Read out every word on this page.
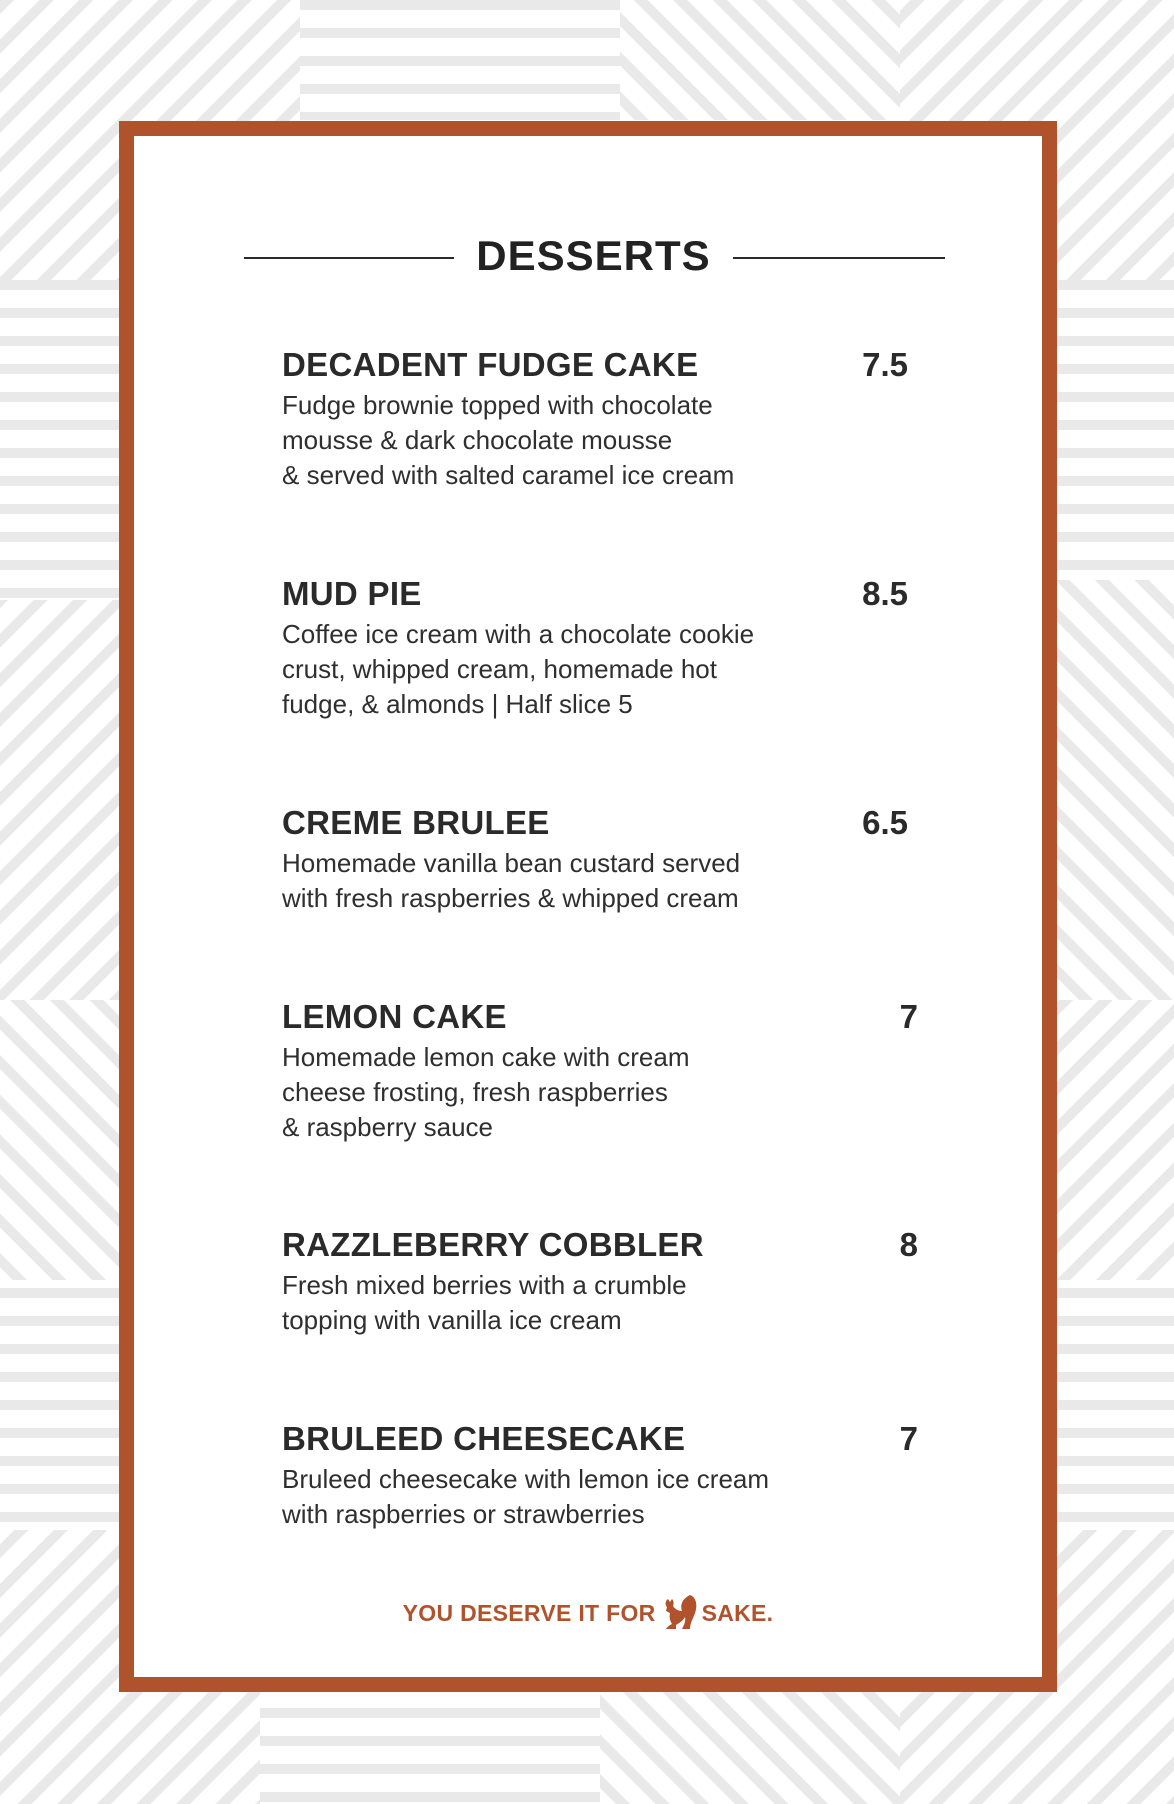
DESSERTS
DECADENT FUDGE CAKE	7.5
Fudge brownie topped with chocolate
mousse & dark chocolate mousse
& served with salted caramel ice cream
MUD PIE	8.5
Coffee ice cream with a chocolate cookie
crust, whipped cream, homemade hot
fudge, & almonds | Half slice 5
CREME BRULEE	6.5
Homemade vanilla bean custard served
with fresh raspberries & whipped cream
LEMON CAKE	7
Homemade lemon cake with cream
cheese frosting, fresh raspberries
& raspberry sauce
RAZZLEBERRY COBBLER	8
Fresh mixed berries with a crumble
topping with vanilla ice cream
BRULEED CHEESECAKE	7
Bruleed cheesecake with lemon ice cream
with raspberries or strawberries
YOU DESERVE IT FOR SAKE.
